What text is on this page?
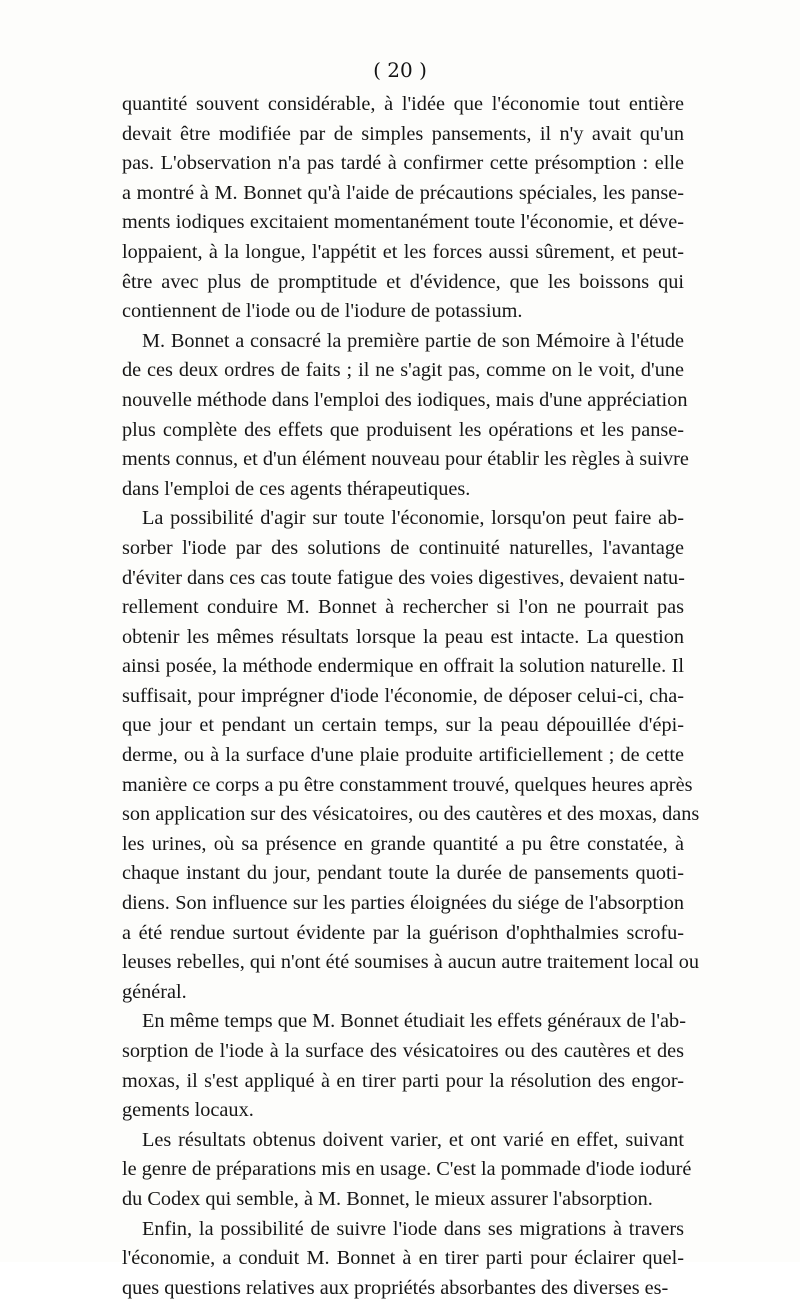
( 20 )
quantité souvent considérable, à l'idée que l'économie tout entière
devait être modifiée par de simples pansements, il n'y avait qu'un
pas. L'observation n'a pas tardé à confirmer cette présomption : elle
a montré à M. Bonnet qu'à l'aide de précautions spéciales, les panse-
ments iodiques excitaient momentanément toute l'économie, et déve-
loppaient, à la longue, l'appétit et les forces aussi sûrement, et peut-
être avec plus de promptitude et d'évidence, que les boissons qui
contiennent de l'iode ou de l'iodure de potassium.
M. Bonnet a consacré la première partie de son Mémoire à l'étude
de ces deux ordres de faits ; il ne s'agit pas, comme on le voit, d'une
nouvelle méthode dans l'emploi des iodiques, mais d'une appréciation
plus complète des effets que produisent les opérations et les panse-
ments connus, et d'un élément nouveau pour établir les règles à suivre
dans l'emploi de ces agents thérapeutiques.
La possibilité d'agir sur toute l'économie, lorsqu'on peut faire ab-
sorber l'iode par des solutions de continuité naturelles, l'avantage
d'éviter dans ces cas toute fatigue des voies digestives, devaient natu-
rellement conduire M. Bonnet à rechercher si l'on ne pourrait pas
obtenir les mêmes résultats lorsque la peau est intacte. La question
ainsi posée, la méthode endermique en offrait la solution naturelle. Il
suffisait, pour imprégner d'iode l'économie, de déposer celui-ci, cha-
que jour et pendant un certain temps, sur la peau dépouillée d'épi-
derme, ou à la surface d'une plaie produite artificiellement ; de cette
manière ce corps a pu être constamment trouvé, quelques heures après
son application sur des vésicatoires, ou des cautères et des moxas, dans
les urines, où sa présence en grande quantité a pu être constatée, à
chaque instant du jour, pendant toute la durée de pansements quoti-
diens. Son influence sur les parties éloignées du siége de l'absorption
a été rendue surtout évidente par la guérison d'ophthalmies scrofu-
leuses rebelles, qui n'ont été soumises à aucun autre traitement local ou
général.
En même temps que M. Bonnet étudiait les effets généraux de l'ab-
sorption de l'iode à la surface des vésicatoires ou des cautères et des
moxas, il s'est appliqué à en tirer parti pour la résolution des engor-
gements locaux.
Les résultats obtenus doivent varier, et ont varié en effet, suivant
le genre de préparations mis en usage. C'est la pommade d'iode ioduré
du Codex qui semble, à M. Bonnet, le mieux assurer l'absorption.
Enfin, la possibilité de suivre l'iode dans ses migrations à travers
l'économie, a conduit M. Bonnet à en tirer parti pour éclairer quel-
ques questions relatives aux propriétés absorbantes des diverses es-
